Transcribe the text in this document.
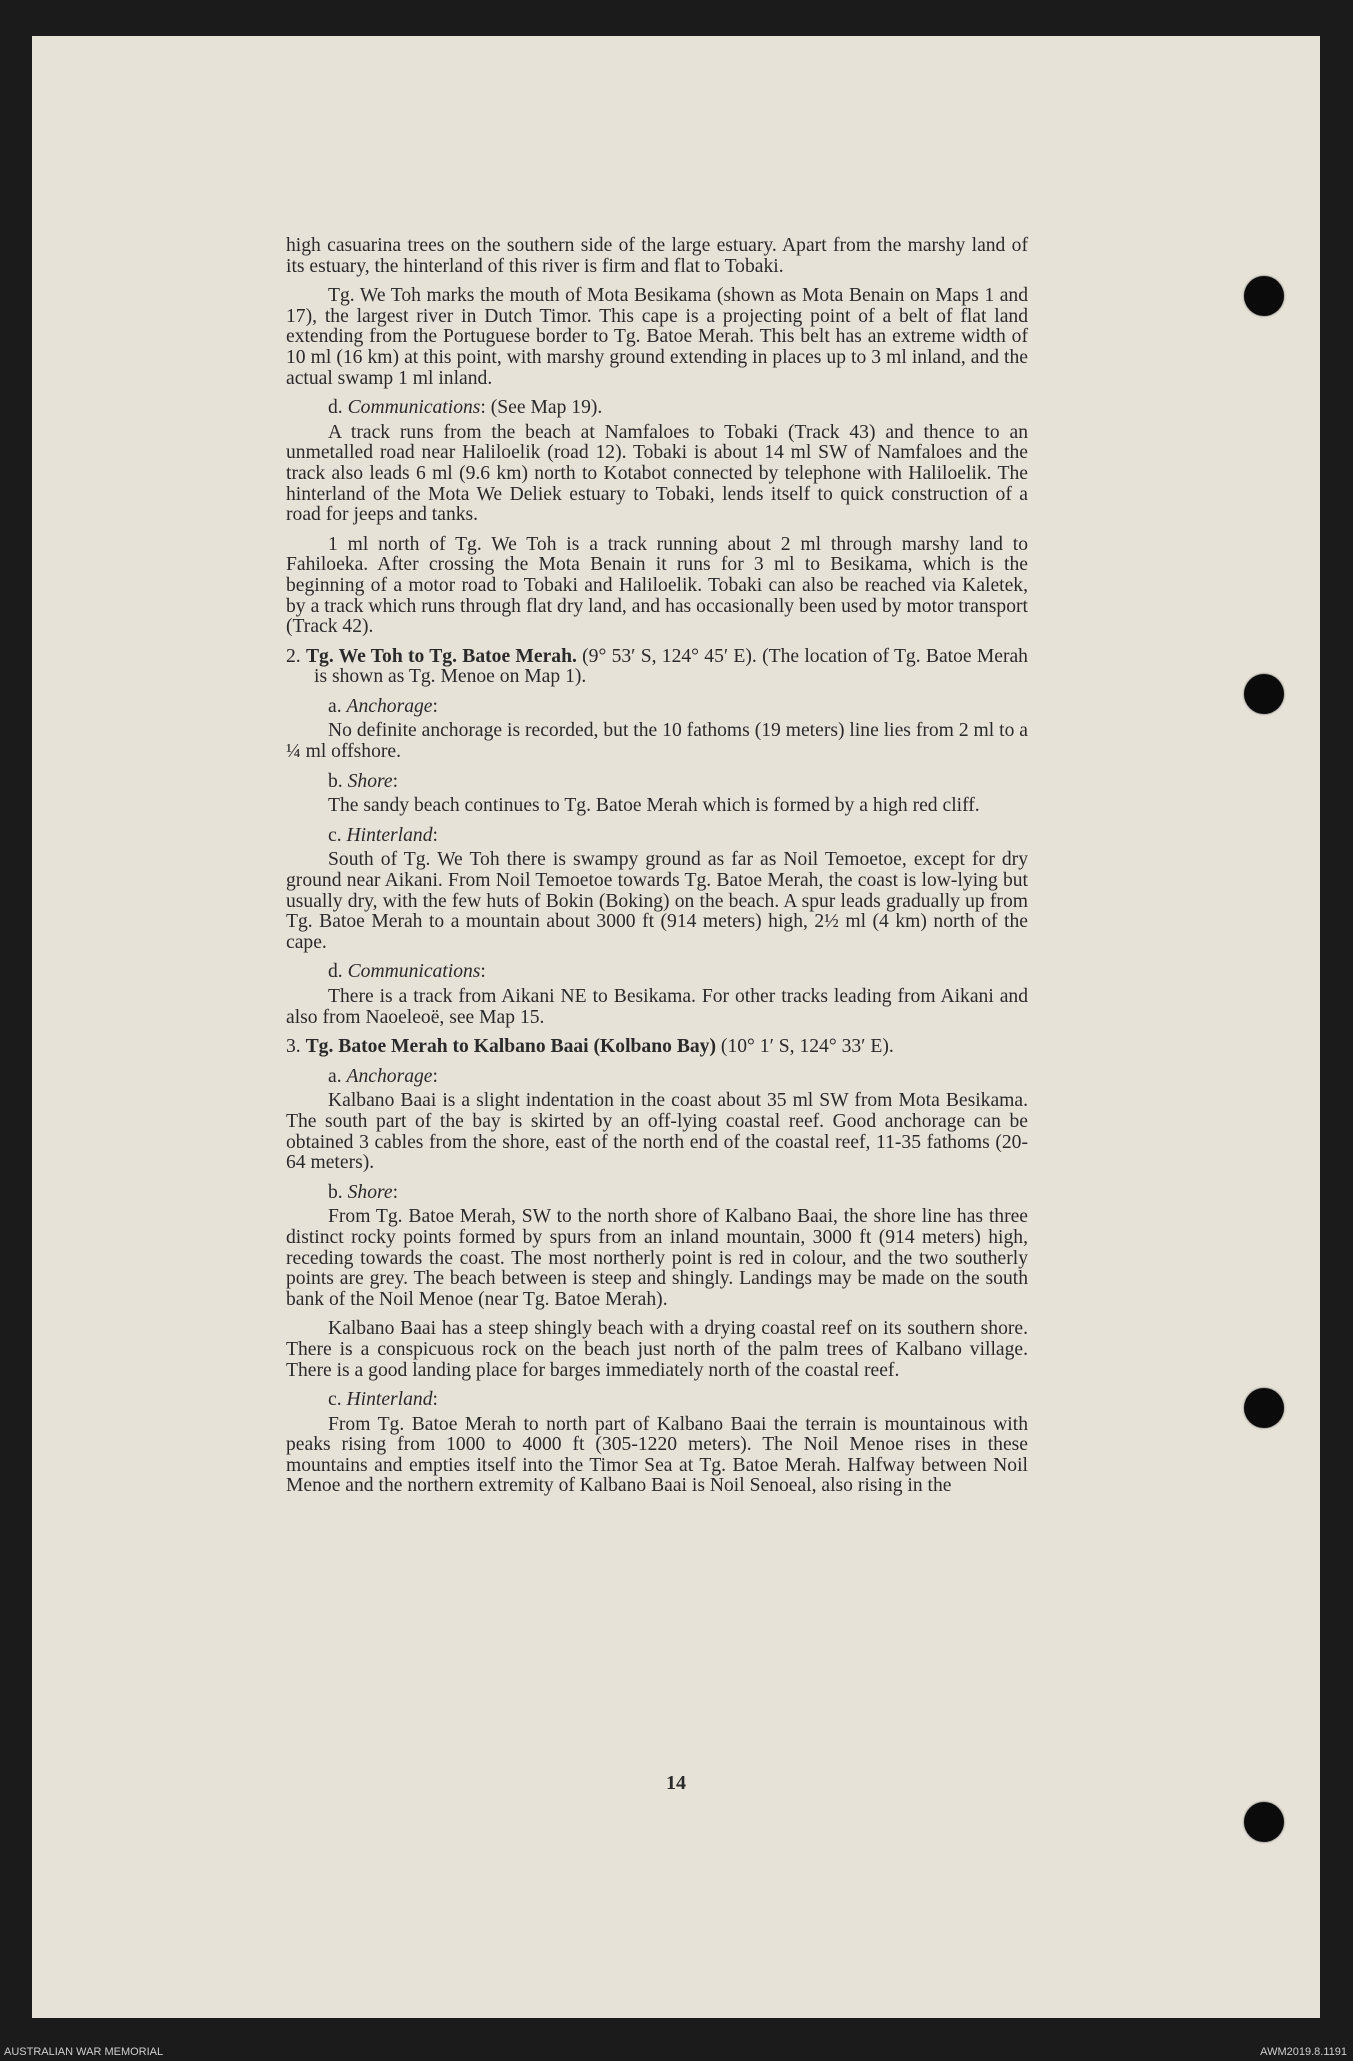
high casuarina trees on the southern side of the large estuary. Apart from the marshy land of its estuary, the hinterland of this river is firm and flat to Tobaki.

Tg. We Toh marks the mouth of Mota Besikama (shown as Mota Benain on Maps 1 and 17), the largest river in Dutch Timor. This cape is a projecting point of a belt of flat land extending from the Portuguese border to Tg. Batoe Merah. This belt has an extreme width of 10 ml (16 km) at this point, with marshy ground extending in places up to 3 ml inland, and the actual swamp 1 ml inland.

d. Communications: (See Map 19).

A track runs from the beach at Namfaloes to Tobaki (Track 43) and thence to an unmetalled road near Haliloelik (road 12). Tobaki is about 14 ml SW of Namfaloes and the track also leads 6 ml (9.6 km) north to Kotabot connected by telephone with Haliloelik. The hinterland of the Mota We Deliek estuary to Tobaki, lends itself to quick construction of a road for jeeps and tanks.

1 ml north of Tg. We Toh is a track running about 2 ml through marshy land to Fahiloeka. After crossing the Mota Benain it runs for 3 ml to Besikama, which is the beginning of a motor road to Tobaki and Haliloelik. Tobaki can also be reached via Kaletek, by a track which runs through flat dry land, and has occasionally been used by motor transport (Track 42).

2. Tg. We Toh to Tg. Batoe Merah. (9° 53′ S, 124° 45′ E). (The location of Tg. Batoe Merah is shown as Tg. Menoe on Map 1).

a. Anchorage:

No definite anchorage is recorded, but the 10 fathoms (19 meters) line lies from 2 ml to a ¼ ml offshore.

b. Shore:

The sandy beach continues to Tg. Batoe Merah which is formed by a high red cliff.

c. Hinterland:

South of Tg. We Toh there is swampy ground as far as Noil Temoetoe, except for dry ground near Aikani. From Noil Temoetoe towards Tg. Batoe Merah, the coast is low-lying but usually dry, with the few huts of Bokin (Boking) on the beach. A spur leads gradually up from Tg. Batoe Merah to a mountain about 3000 ft (914 meters) high, 2½ ml (4 km) north of the cape.

d. Communications:

There is a track from Aikani NE to Besikama. For other tracks leading from Aikani and also from Naoeleoë, see Map 15.

3. Tg. Batoe Merah to Kalbano Baai (Kolbano Bay) (10° 1′ S, 124° 33′ E).

a. Anchorage:

Kalbano Baai is a slight indentation in the coast about 35 ml SW from Mota Besikama. The south part of the bay is skirted by an off-lying coastal reef. Good anchorage can be obtained 3 cables from the shore, east of the north end of the coastal reef, 11-35 fathoms (20-64 meters).

b. Shore:

From Tg. Batoe Merah, SW to the north shore of Kalbano Baai, the shore line has three distinct rocky points formed by spurs from an inland mountain, 3000 ft (914 meters) high, receding towards the coast. The most northerly point is red in colour, and the two southerly points are grey. The beach between is steep and shingly. Landings may be made on the south bank of the Noil Menoe (near Tg. Batoe Merah).

Kalbano Baai has a steep shingly beach with a drying coastal reef on its southern shore. There is a conspicuous rock on the beach just north of the palm trees of Kalbano village. There is a good landing place for barges immediately north of the coastal reef.

c. Hinterland:

From Tg. Batoe Merah to north part of Kalbano Baai the terrain is mountainous with peaks rising from 1000 to 4000 ft (305-1220 meters). The Noil Menoe rises in these mountains and empties itself into the Timor Sea at Tg. Batoe Merah. Halfway between Noil Menoe and the northern extremity of Kalbano Baai is Noil Senoeal, also rising in the

14
AUSTRALIAN WAR MEMORIAL	AWM2019.8.1191
